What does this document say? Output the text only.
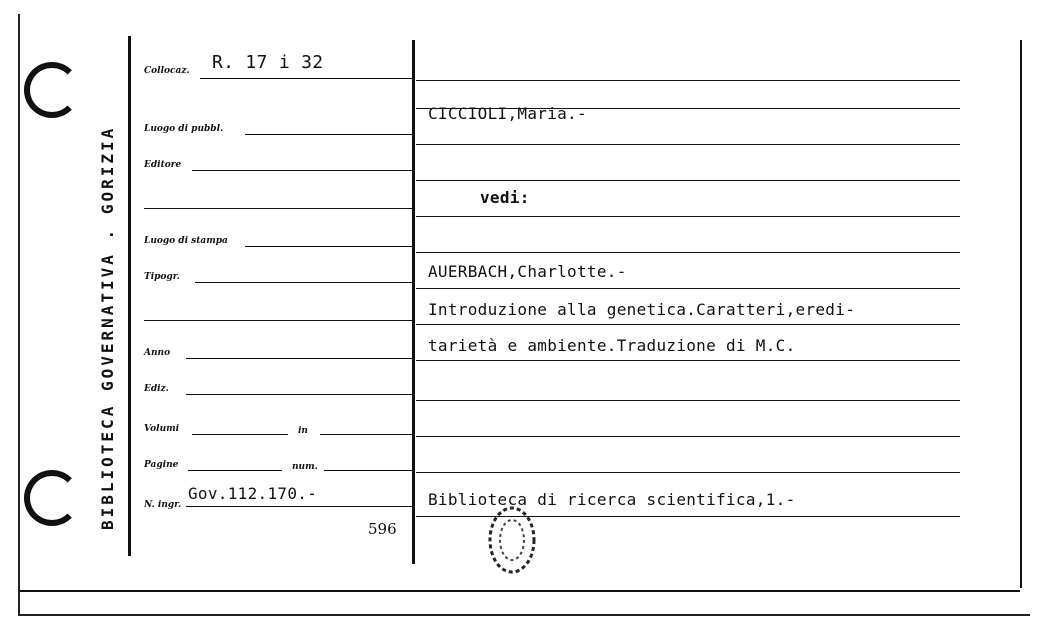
BIBLIOTECA GOVERNATIVA . GORIZIA
Collocaz. R. 17 i 32
Luogo di pubbl.
Editore
Luogo di stampa
Tipogr.
Anno
Ediz.
Volumi	in
Pagine	num.
N. ingr.
Gov.112.170.-
596
CICCIOLI,Maria.-
vedi:
AUERBACH,Charlotte.-
Introduzione alla genetica.Caratteri,eredi-
tarietà e ambiente.Traduzione di M.C.
Biblioteca di ricerca scientifica,1.-
